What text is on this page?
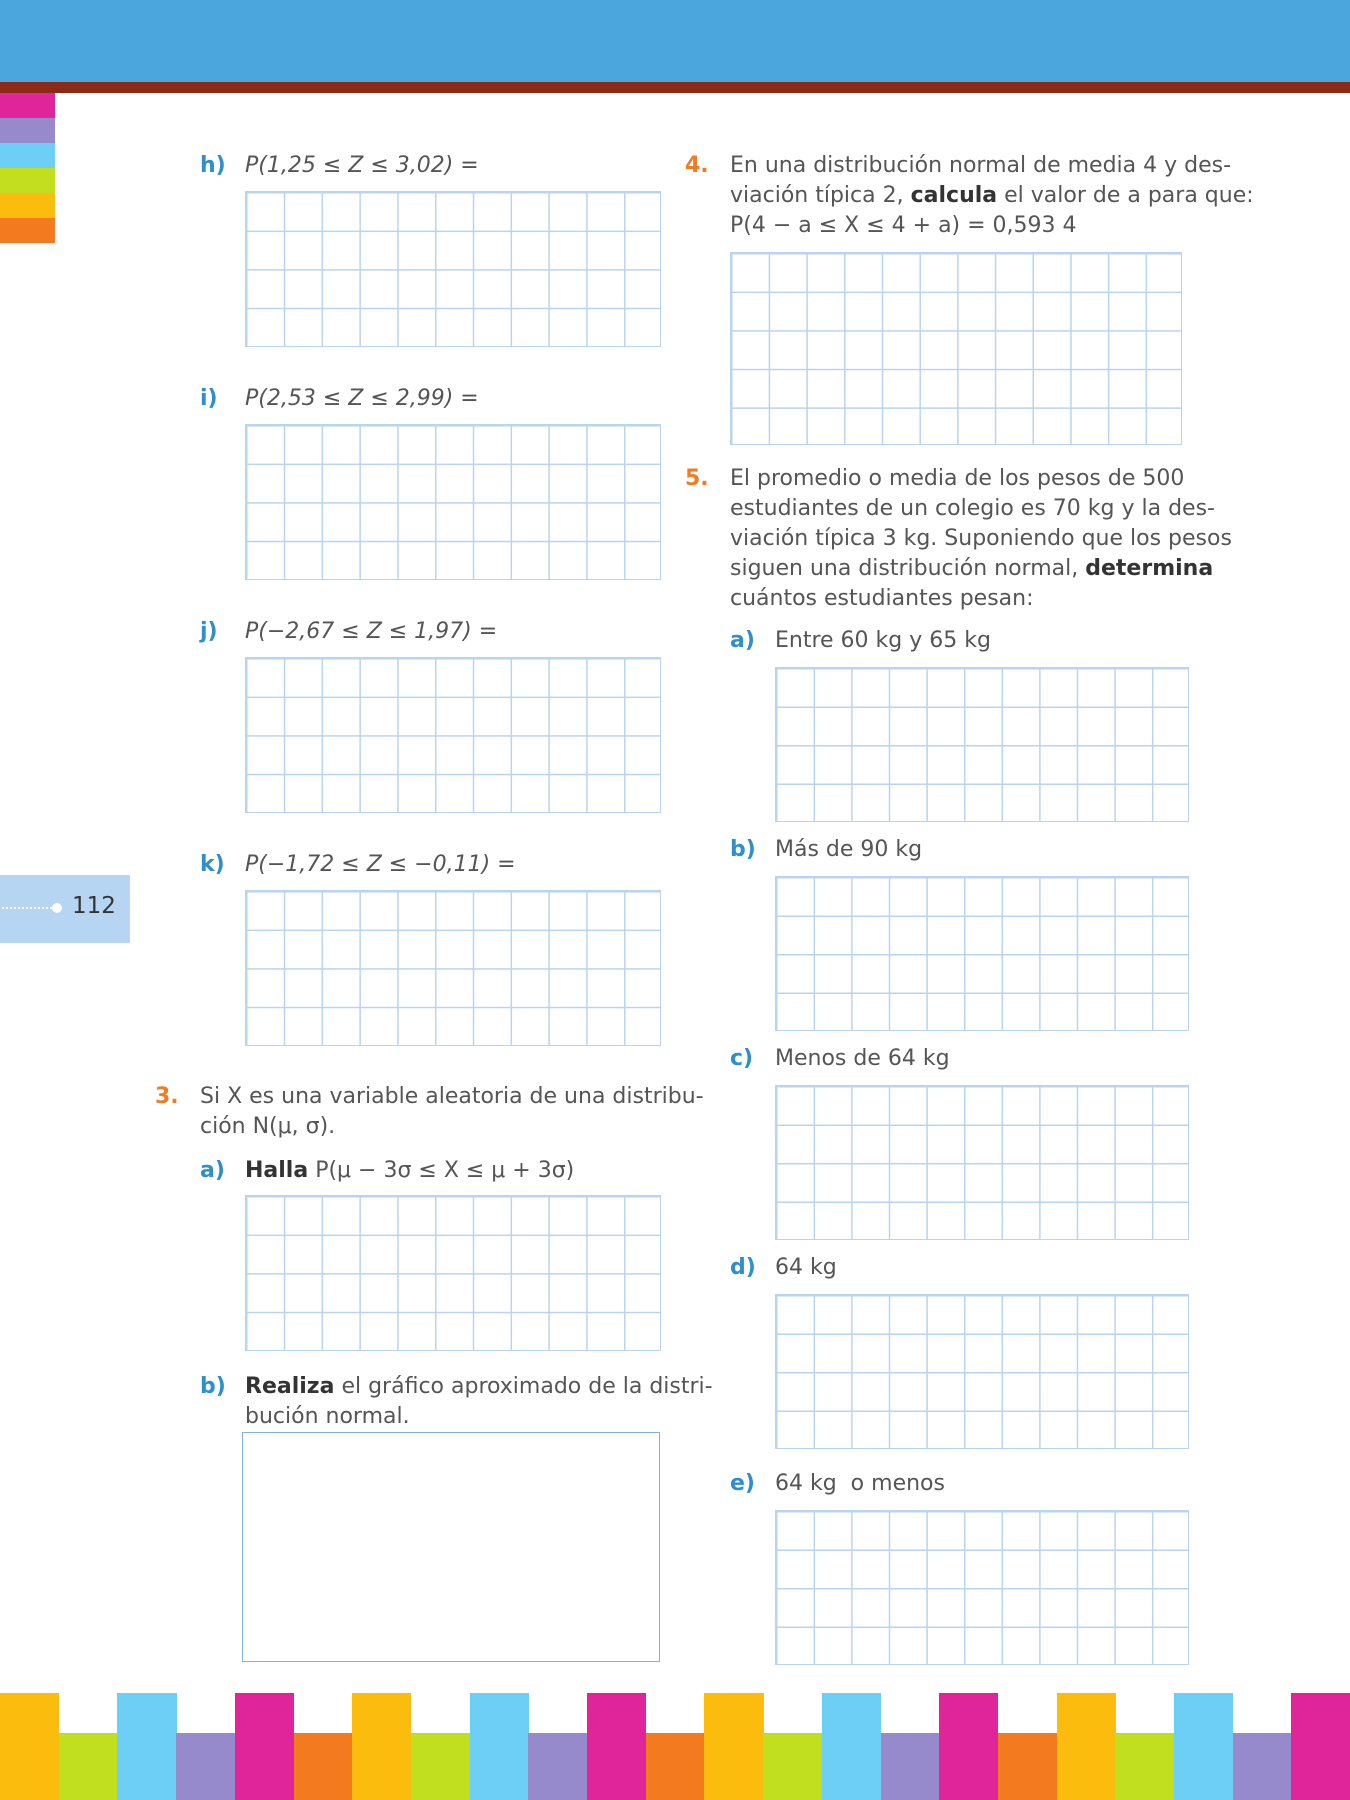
112
h) P(1,25 ≤ Z ≤ 3,02) =
i) P(2,53 ≤ Z ≤ 2,99) =
j) P(−2,67 ≤ Z ≤ 1,97) =
k) P(−1,72 ≤ Z ≤ −0,11) =
3. Si X es una variable aleatoria de una distribu-
ción N(μ, σ).
a) Halla P(μ − 3σ ≤ X ≤ μ + 3σ)
b) Realiza el gráfico aproximado de la distri-
bución normal.
4. En una distribución normal de media 4 y des-
viación típica 2, calcula el valor de a para que:
P(4 − a ≤ X ≤ 4 + a) = 0,593 4
5. El promedio o media de los pesos de 500
estudiantes de un colegio es 70 kg y la des-
viación típica 3 kg. Suponiendo que los pesos
siguen una distribución normal, determina
cuántos estudiantes pesan:
a) Entre 60 kg y 65 kg
b) Más de 90 kg
c) Menos de 64 kg
d) 64 kg
e) 64 kg  o menos
